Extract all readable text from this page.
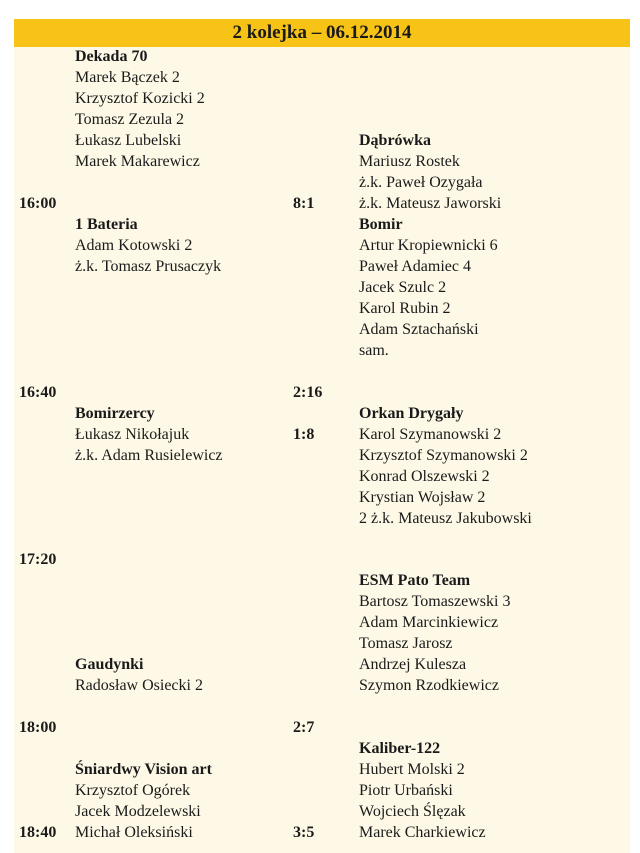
2 kolejka – 06.12.2014
16:00
16:40
17:20
18:00
18:40
8:1
2:16
1:8
2:7
3:5
Dekada 70
Marek Bączek 2
Krzysztof Kozicki 2
Tomasz Zezula 2
Łukasz Lubelski
Marek Makarewicz
Dąbrówka
Mariusz Rostek
ż.k. Paweł Ozygała
ż.k. Mateusz Jaworski
1 Bateria
Adam Kotowski 2
ż.k. Tomasz Prusaczyk
Bomir
Artur Kropiewnicki 6
Paweł Adamiec 4
Jacek Szulc 2
Karol Rubin 2
Adam Sztachański
sam.
Bomirzercy
Łukasz Nikołajuk
ż.k. Adam Rusielewicz
Orkan Drygały
Karol Szymanowski 2
Krzysztof Szymanowski 2
Konrad Olszewski 2
Krystian Wojsław 2
2 ż.k. Mateusz Jakubowski
Gaudynki
Radosław Osiecki 2
ESM Pato Team
Bartosz Tomaszewski 3
Adam Marcinkiewicz
Tomasz Jarosz
Andrzej Kulesza
Szymon Rzodkiewicz
Śniardwy Vision art
Krzysztof Ogórek
Jacek Modzelewski
Michał Oleksiński
Kaliber-122
Hubert Molski 2
Piotr Urbański
Wojciech Ślęzak
Marek Charkiewicz
